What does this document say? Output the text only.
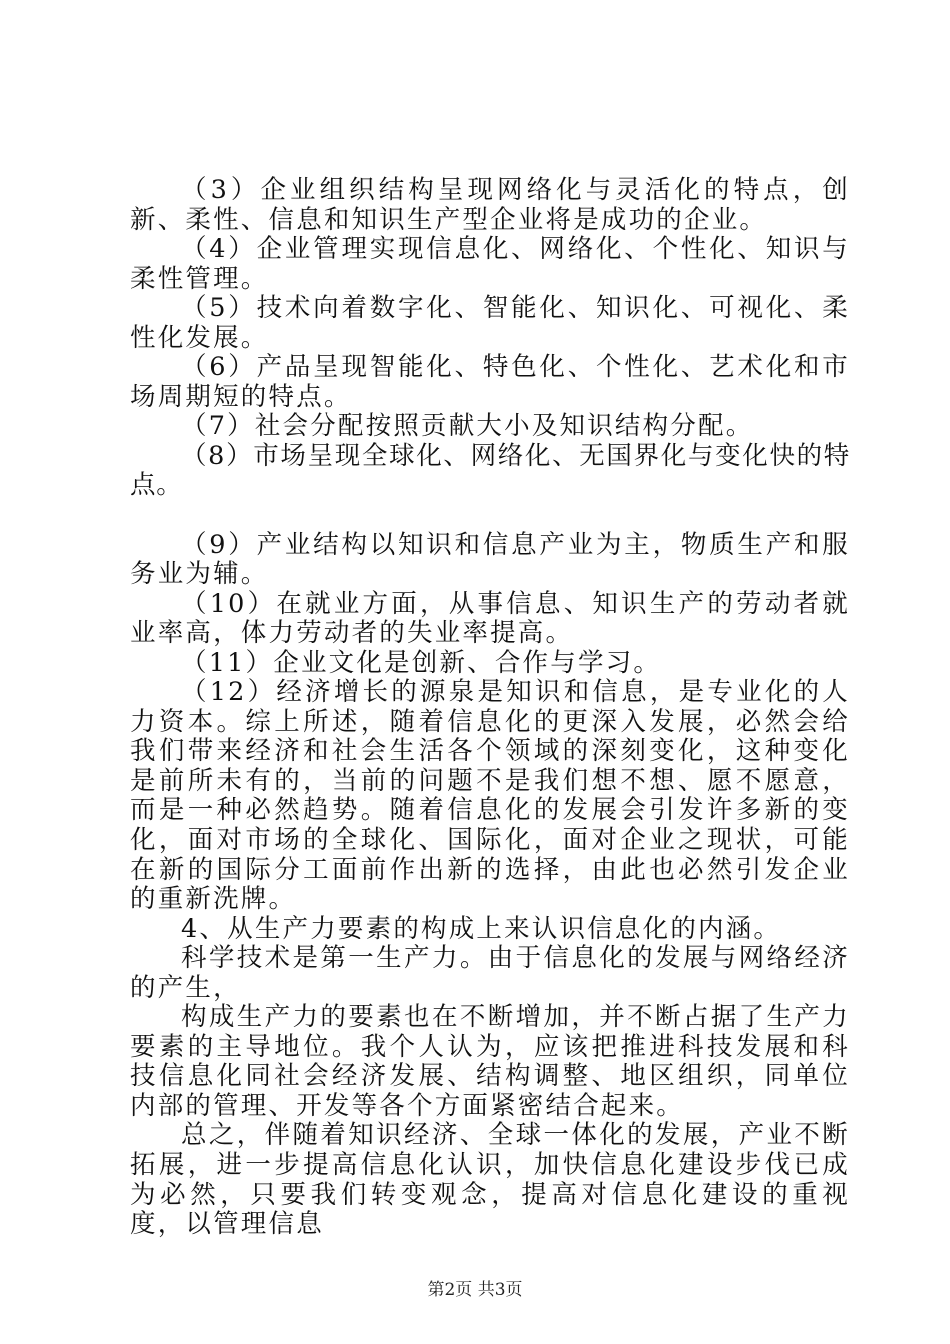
（3）企业组织结构呈现网络化与灵活化的特点，创新、柔性、信息和知识生产型企业将是成功的企业。

（4）企业管理实现信息化、网络化、个性化、知识与柔性管理。

（5）技术向着数字化、智能化、知识化、可视化、柔性化发展。

（6）产品呈现智能化、特色化、个性化、艺术化和市场周期短的特点。

（7）社会分配按照贡献大小及知识结构分配。

（8）市场呈现全球化、网络化、无国界化与变化快的特点。

（9）产业结构以知识和信息产业为主，物质生产和服务业为辅。

（10）在就业方面，从事信息、知识生产的劳动者就业率高，体力劳动者的失业率提高。

（11）企业文化是创新、合作与学习。

（12）经济增长的源泉是知识和信息，是专业化的人力资本。综上所述，随着信息化的更深入发展，必然会给我们带来经济和社会生活各个领域的深刻变化，这种变化是前所未有的，当前的问题不是我们想不想、愿不愿意，而是一种必然趋势。随着信息化的发展会引发许多新的变化，面对市场的全球化、国际化，面对企业之现状，可能在新的国际分工面前作出新的选择，由此也必然引发企业的重新洗牌。

4、从生产力要素的构成上来认识信息化的内涵。

科学技术是第一生产力。由于信息化的发展与网络经济的产生，

构成生产力的要素也在不断增加，并不断占据了生产力要素的主导地位。我个人认为，应该把推进科技发展和科技信息化同社会经济发展、结构调整、地区组织，同单位内部的管理、开发等各个方面紧密结合起来。

总之，伴随着知识经济、全球一体化的发展，产业不断拓展，进一步提高信息化认识，加快信息化建设步伐已成为必然，只要我们转变观念，提高对信息化建设的重视度，以管理信息

第2页 共3页
